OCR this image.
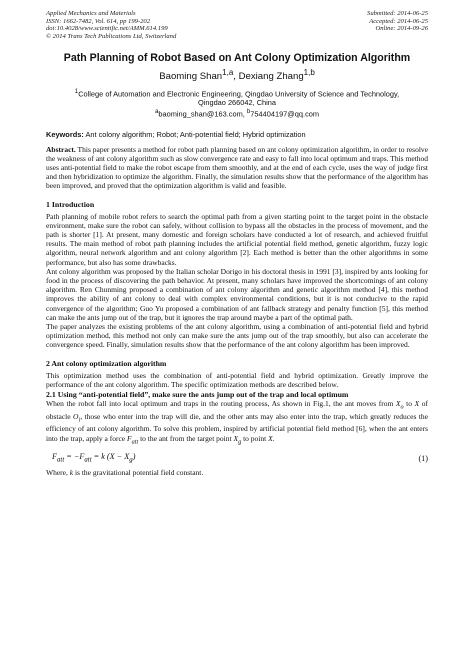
Applied Mechanics and Materials
ISSN: 1662-7482, Vol. 614, pp 199-202
doi:10.4028/www.scientific.net/AMM.614.199
© 2014 Trans Tech Publications Ltd, Switzerland
Submitted: 2014-06-25
Accepted: 2014-06-25
Online: 2014-09-26
Path Planning of Robot Based on Ant Colony Optimization Algorithm
Baoming Shan$^{1,a}$, Dexiang Zhang$^{1,b}$
$^1$College of Automation and Electronic Engineering, Qingdao University of Science and Technology,
Qingdao 266042, China
$^a$baoming_shan@163.com, $^b$754404197@qq.com
Keywords: Ant colony algorithm; Robot; Anti-potential field; Hybrid optimization

Abstract. This paper presents a method for robot path planning based on ant colony optimization algorithm, in order to resolve the weakness of ant colony algorithm such as slow convergence rate and easy to fall into local optimum and traps. This method uses anti-potential field to make the robot escape from them smoothly, and at the end of each cycle, uses the way of judge first and then hybridization to optimize the algorithm. Finally, the simulation results show that the performance of the algorithm has been improved, and proved that the optimization algorithm is valid and feasible.

1 Introduction

Path planning of mobile robot refers to search the optimal path from a given starting point to the target point in the obstacle environment, make sure the robot can safely, without collision to bypass all the obstacles in the process of movement, and the path is shorter [1]. At present, many domestic and foreign scholars have conducted a lot of research, and achieved fruitful results. The main method of robot path planning includes the artificial potential field method, genetic algorithm, fuzzy logic algorithm, neural network algorithm and ant colony algorithm [2]. Each method is better than the other algorithms in some performance, but also has some drawbacks.

Ant colony algorithm was proposed by the Italian scholar Dorigo in his doctoral thesis in 1991 [3], inspired by ants looking for food in the process of discovering the path behavior. At present, many scholars have improved the shortcomings of ant colony algorithm. Ren Chunming proposed a combination of ant colony algorithm and genetic algorithm method [4], this method improves the ability of ant colony to deal with complex environmental conditions, but it is not conducive to the rapid convergence of the algorithm; Guo Yu proposed a combination of ant fallback strategy and penalty function [5], this method can make the ants jump out of the trap, but it ignores the trap around maybe a part of the optimal path.

The paper analyzes the existing problems of the ant colony algorithm, using a combination of anti-potential field and hybrid optimization method, this method not only can make sure the ants jump out of the trap smoothly, but also can accelerate the convergence speed. Finally, simulation results show that the performance of the ant colony algorithm has been improved.

2 Ant colony optimization algorithm

This optimization method uses the combination of anti-potential field and hybrid optimization. Greatly improve the performance of the ant colony algorithm. The specific optimization methods are described below.

2.1 Using “anti-potential field”, make sure the ants jump out of the trap and local optimum

When the robot fall into local optimum and traps in the routing process, As shown in Fig.1, the ant moves from $X_o$ to X of obstacle $O_i$, those who enter into the trap will die, and the other ants may also enter into the trap, which greatly reduces the efficiency of ant colony algorithm. To solve this problem, inspired by artificial potential field method [6], when the ant enters into the trap, apply a force $F_{att}$ to the ant from the target point $X_g$ to point X.

$F_{att} = -F_{att} = k$ $(X - X_g)$	(1)
Where, k is the gravitational potential field constant.
